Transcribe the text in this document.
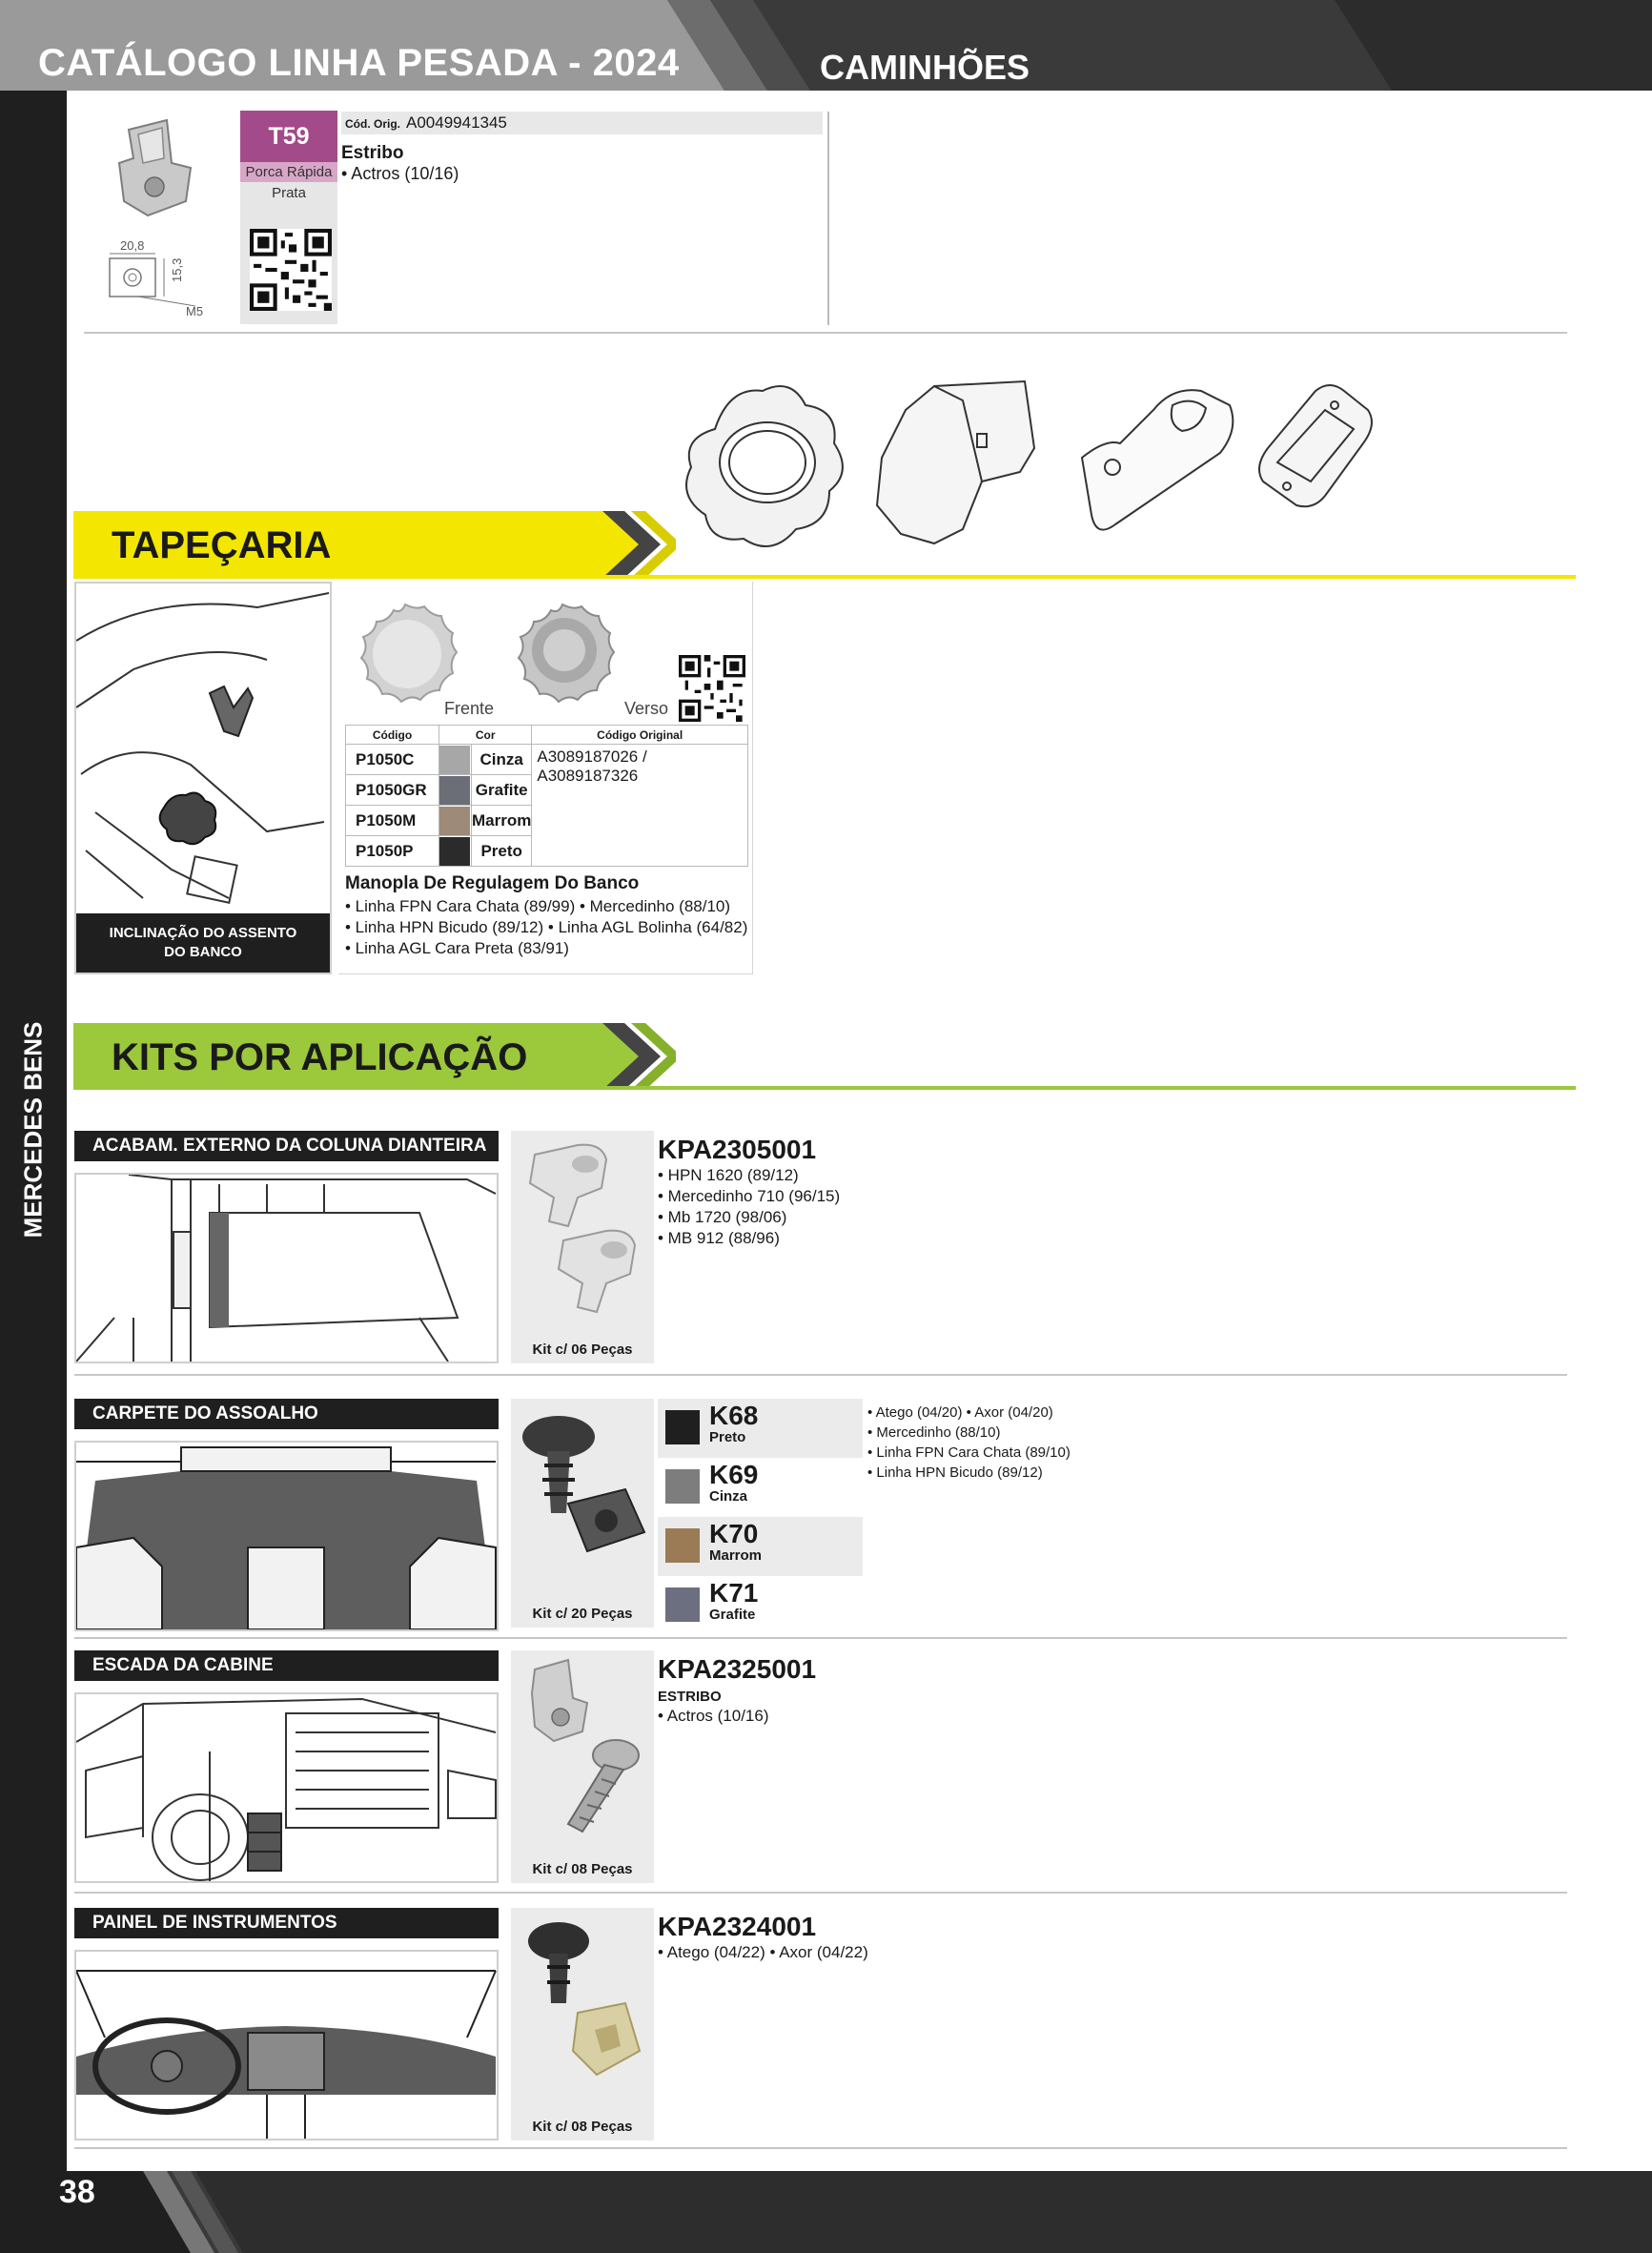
CATÁLOGO LINHA PESADA - 2024	CAMINHÕES
MERCEDES BENS
20,8
15,3
M5
T59
Porca Rápida
Prata
Cód. Orig. A0049941345
Estribo
• Actros (10/16)
TAPEÇARIA
INCLINAÇÃO DO ASSENTO
DO BANCO
Frente	Verso
Código	Cor		Código Original
P1050C		Cinza	A3089187026 / A3089187326
P1050GR		Grafite	
P1050M		Marrom	
P1050P		Preto	
Manopla De Regulagem Do Banco
• Linha FPN Cara Chata (89/99) • Mercedinho (88/10)
• Linha HPN Bicudo (89/12) • Linha AGL Bolinha (64/82)
• Linha AGL Cara Preta (83/91)
KITS POR APLICAÇÃO
ACABAM. EXTERNO DA COLUNA DIANTEIRA
Kit c/ 06 Peças
KPA2305001
• HPN 1620 (89/12)
• Mercedinho 710 (96/15)
• Mb 1720 (98/06)
• MB 912 (88/96)
CARPETE DO ASSOALHO
Kit c/ 20 Peças
K68
Preto
K69
Cinza
K70
Marrom
K71
Grafite
• Atego (04/20) • Axor (04/20)
• Mercedinho (88/10)
• Linha FPN Cara Chata (89/10)
• Linha HPN Bicudo (89/12)
ESCADA DA CABINE
Kit c/ 08 Peças
KPA2325001
ESTRIBO
• Actros (10/16)
PAINEL DE INSTRUMENTOS
Kit c/ 08 Peças
KPA2324001
• Atego (04/22) • Axor (04/22)
38
